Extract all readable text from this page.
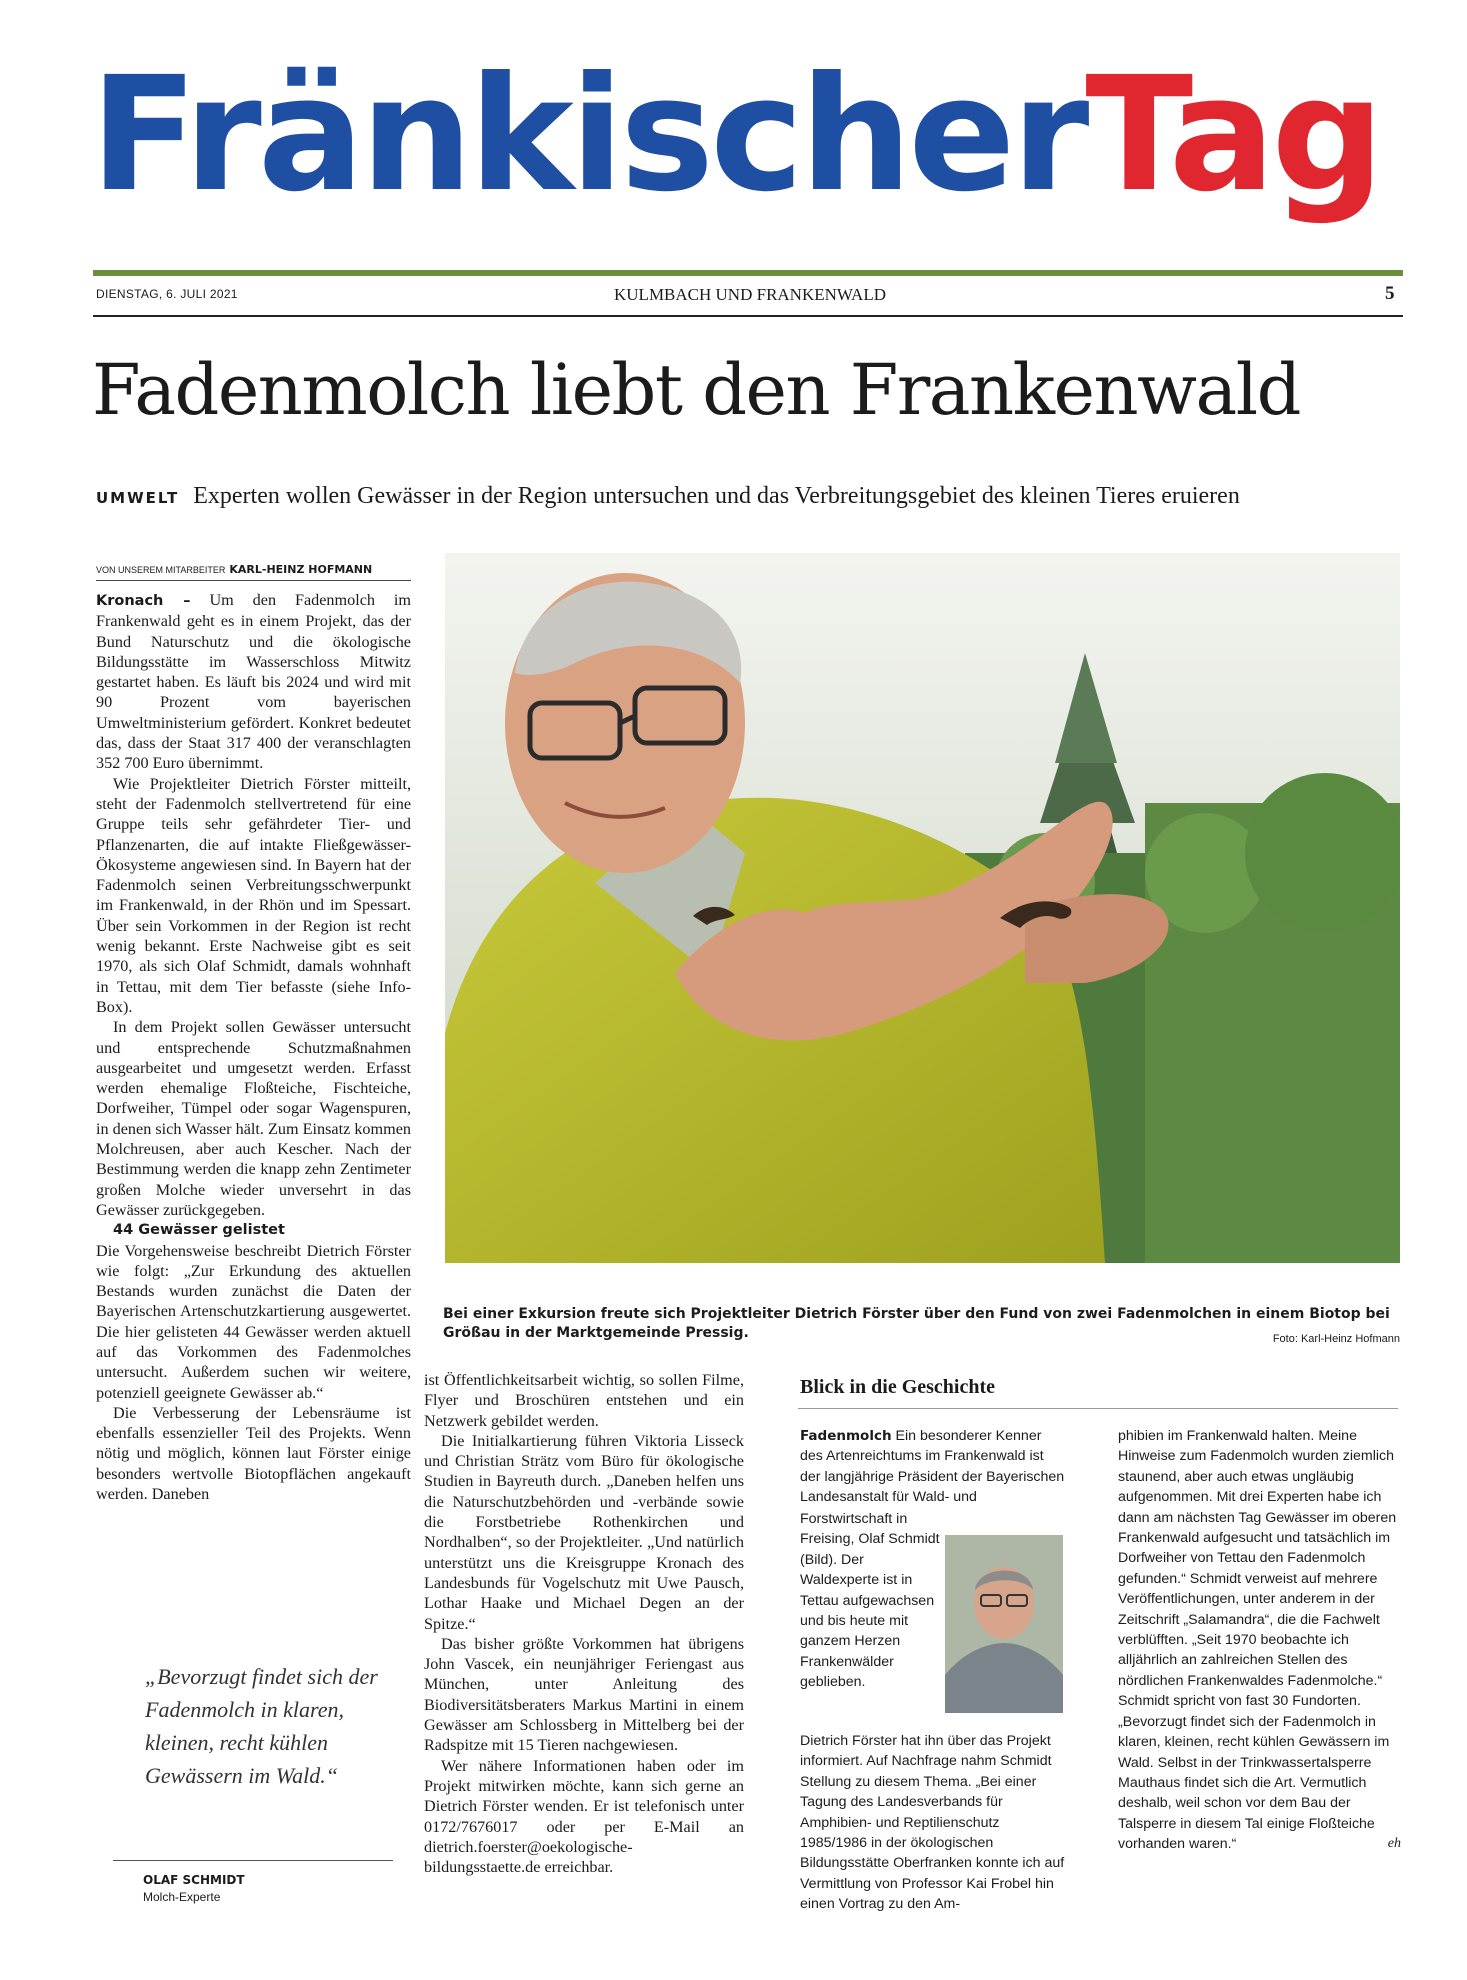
FränkischerTag
DIENSTAG, 6. JULI 2021	KULMBACH UND FRANKENWALD	5
Fadenmolch liebt den Frankenwald
UMWELT Experten wollen Gewässer in der Region untersuchen und das Verbreitungsgebiet des kleinen Tieres eruieren
VON UNSEREM MITARBEITER KARL-HEINZ HOFMANN

Kronach – Um den Fadenmolch im Frankenwald geht es in einem Projekt, das der Bund Naturschutz und die ökologische Bildungsstätte im Wasserschloss Mitwitz gestartet haben. Es läuft bis 2024 und wird mit 90 Prozent vom bayerischen Umweltministerium gefördert. Konkret bedeutet das, dass der Staat 317 400 der veranschlagten 352 700 Euro übernimmt.

Wie Projektleiter Dietrich Förster mitteilt, steht der Fadenmolch stellvertretend für eine Gruppe teils sehr gefährdeter Tier- und Pflanzenarten, die auf intakte Fließgewässer-Ökosysteme angewiesen sind. In Bayern hat der Fadenmolch seinen Verbreitungsschwerpunkt im Frankenwald, in der Rhön und im Spessart. Über sein Vorkommen in der Region ist recht wenig bekannt. Erste Nachweise gibt es seit 1970, als sich Olaf Schmidt, damals wohnhaft in Tettau, mit dem Tier befasste (siehe Info-Box).

In dem Projekt sollen Gewässer untersucht und entsprechende Schutzmaßnahmen ausgearbeitet und umgesetzt werden. Erfasst werden ehemalige Floßteiche, Fischteiche, Dorfweiher, Tümpel oder sogar Wagenspuren, in denen sich Wasser hält. Zum Einsatz kommen Molchreusen, aber auch Kescher. Nach der Bestimmung werden die knapp zehn Zentimeter großen Molche wieder unversehrt in das Gewässer zurückgegeben.

44 Gewässer gelistet

Die Vorgehensweise beschreibt Dietrich Förster wie folgt: „Zur Erkundung des aktuellen Bestands wurden zunächst die Daten der Bayerischen Artenschutzkartierung ausgewertet. Die hier gelisteten 44 Gewässer werden aktuell auf das Vorkommen des Fadenmolches untersucht. Außerdem suchen wir weitere, potenziell geeignete Gewässer ab.“

Die Verbesserung der Lebensräume ist ebenfalls essenzieller Teil des Projekts. Wenn nötig und möglich, können laut Förster einige besonders wertvolle Biotopflächen angekauft werden. Daneben

Bei einer Exkursion freute sich Projektleiter Dietrich Förster über den Fund von zwei Fadenmolchen in einem Biotop bei Größau in der Marktgemeinde Pressig.	Foto: Karl-Heinz Hofmann

ist Öffentlichkeitsarbeit wichtig, so sollen Filme, Flyer und Broschüren entstehen und ein Netzwerk gebildet werden.

Die Initialkartierung führen Viktoria Lisseck und Christian Strätz vom Büro für ökologische Studien in Bayreuth durch. „Daneben helfen uns die Naturschutzbehörden und -verbände sowie die Forstbetriebe Rothenkirchen und Nordhalben“, so der Projektleiter. „Und natürlich unterstützt uns die Kreisgruppe Kronach des Landesbunds für Vogelschutz mit Uwe Pausch, Lothar Haake und Michael Degen an der Spitze.“

Das bisher größte Vorkommen hat übrigens John Vascek, ein neunjähriger Feriengast aus München, unter Anleitung des Biodiversitätsberaters Markus Martini in einem Gewässer am Schlossberg in Mittelberg bei der Radspitze mit 15 Tieren nachgewiesen.

Wer nähere Informationen haben oder im Projekt mitwirken möchte, kann sich gerne an Dietrich Förster wenden. Er ist telefonisch unter 0172/7676017 oder per E-Mail an dietrich.foerster@oekologische-bildungsstaette.de erreichbar.

„Bevorzugt findet sich der Fadenmolch in klaren, kleinen, recht kühlen Gewässern im Wald.“
OLAF SCHMIDT
Molch-Experte
Blick in die Geschichte
Fadenmolch Ein besonderer Kenner des Artenreichtums im Frankenwald ist der langjährige Präsident der Bayerischen Landesanstalt für Wald- und
Forstwirtschaft in Freising, Olaf Schmidt (Bild). Der Waldexperte ist in Tettau aufgewachsen und bis heute mit ganzem Herzen Frankenwälder geblieben.
Dietrich Förster hat ihn über das Projekt informiert. Auf Nachfrage nahm Schmidt Stellung zu diesem Thema. „Bei einer Tagung des Landesverbands für Amphibien- und Reptilienschutz 1985/1986 in der ökologischen Bildungsstätte Oberfranken konnte ich auf Vermittlung von Professor Kai Frobel hin einen Vortrag zu den Am-
phibien im Frankenwald halten. Meine Hinweise zum Fadenmolch wurden ziemlich staunend, aber auch etwas ungläubig aufgenommen. Mit drei Experten habe ich dann am nächsten Tag Gewässer im oberen Frankenwald aufgesucht und tatsächlich im Dorfweiher von Tettau den Fadenmolch gefunden.“ Schmidt verweist auf mehrere Veröffentlichungen, unter anderem in der Zeitschrift „Salamandra“, die die Fachwelt verblüfften. „Seit 1970 beobachte ich alljährlich an zahlreichen Stellen des nördlichen Frankenwaldes Fadenmolche.“ Schmidt spricht von fast 30 Fundorten. „Bevorzugt findet sich der Fadenmolch in klaren, kleinen, recht kühlen Gewässern im Wald. Selbst in der Trinkwassertalsperre Mauthaus findet sich die Art. Vermutlich deshalb, weil schon vor dem Bau der Talsperre in diesem Tal einige Floßteiche vorhanden waren.“	eh
